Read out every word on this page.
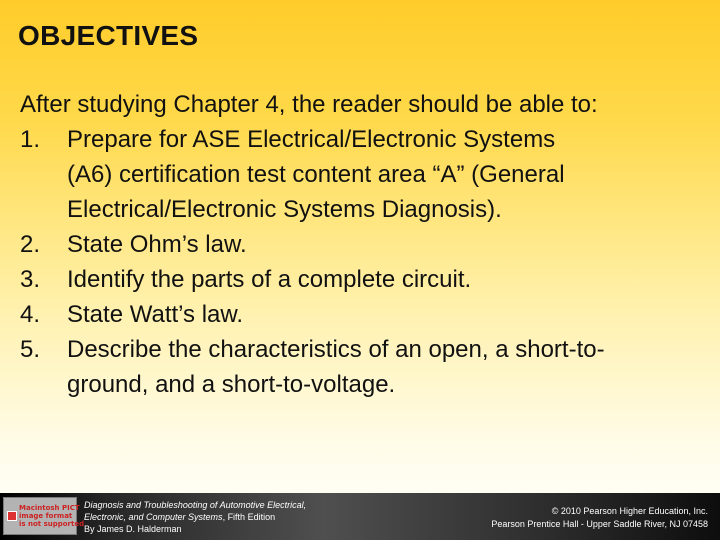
OBJECTIVES
After studying Chapter 4, the reader should be able to:
1. Prepare for ASE Electrical/Electronic Systems
(A6) certification test content area “A” (General
Electrical/Electronic Systems Diagnosis).
2. State Ohm’s law.
3. Identify the parts of a complete circuit.
4. State Watt’s law.
5. Describe the characteristics of an open, a short-to-
ground, and a short-to-voltage.
Macintosh PICT
image format
is not supported
Diagnosis and Troubleshooting of Automotive Electrical,
Electronic, and Computer Systems, Fifth Edition
By James D. Halderman
© 2010 Pearson Higher Education, Inc.
Pearson Prentice Hall - Upper Saddle River, NJ 07458
